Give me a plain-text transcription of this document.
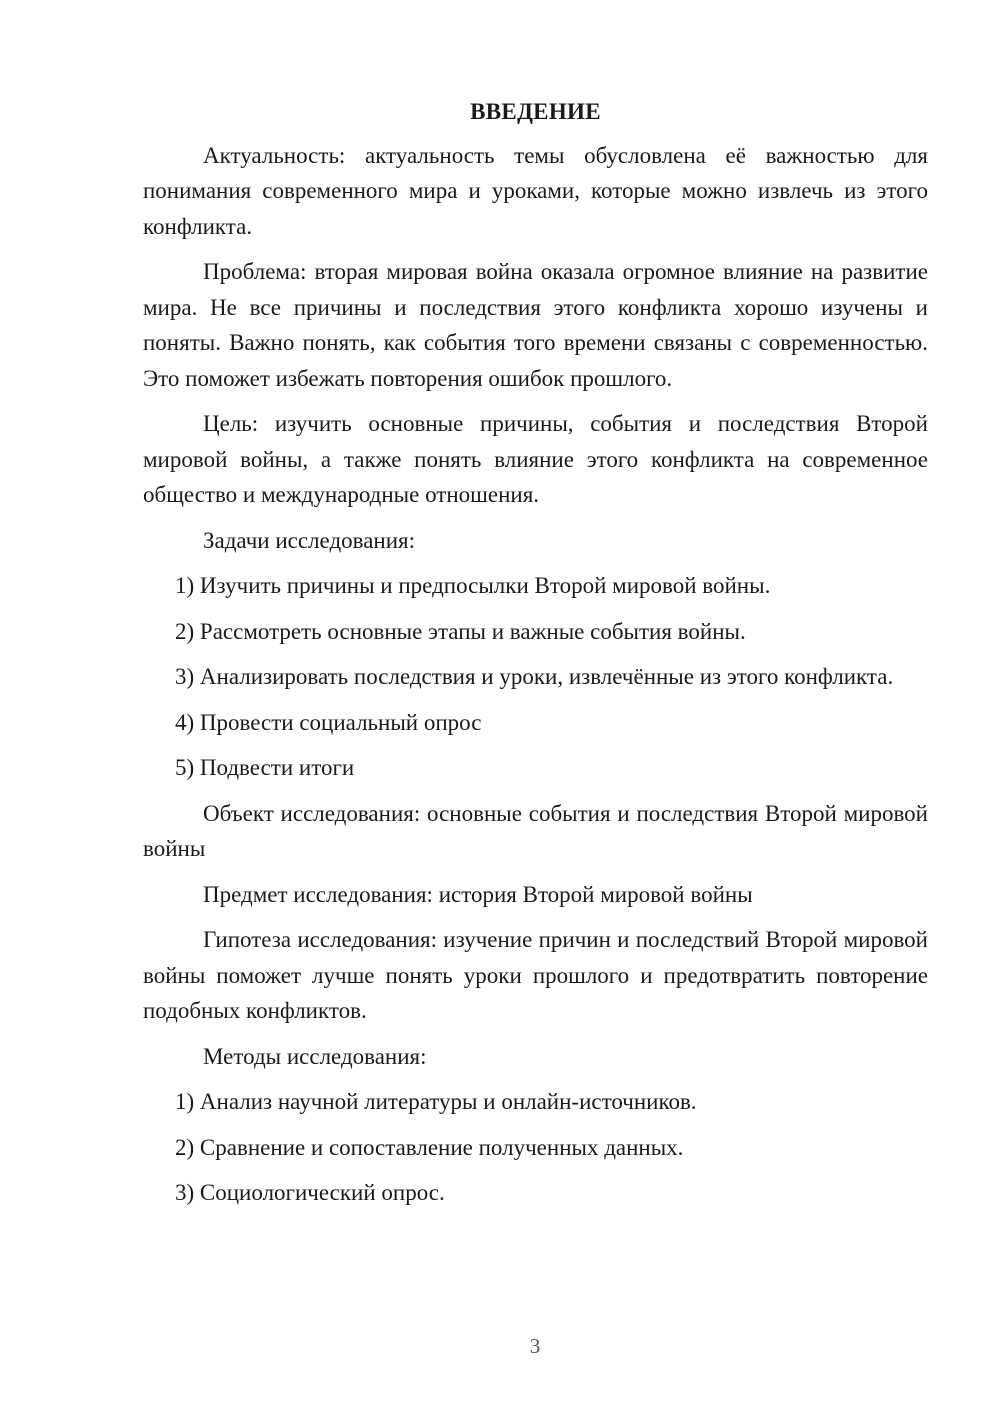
ВВЕДЕНИЕ

Актуальность: актуальность темы обусловлена её важностью для понимания современного мира и уроками, которые можно извлечь из этого конфликта.

Проблема: вторая мировая война оказала огромное влияние на развитие мира. Не все причины и последствия этого конфликта хорошо изучены и поняты. Важно понять, как события того времени связаны с современностью. Это поможет избежать повторения ошибок прошлого.

Цель: изучить основные причины, события и последствия Второй мировой войны, а также понять влияние этого конфликта на современное общество и международные отношения.

Задачи исследования:

1) Изучить причины и предпосылки Второй мировой войны.
2) Рассмотреть основные этапы и важные события войны.
3) Анализировать последствия и уроки, извлечённые из этого конфликта.
4) Провести социальный опрос
5) Подвести итоги

Объект исследования: основные события и последствия Второй мировой войны

Предмет исследования: история Второй мировой войны

Гипотеза исследования: изучение причин и последствий Второй мировой войны поможет лучше понять уроки прошлого и предотвратить повторение подобных конфликтов.

Методы исследования:

1) Анализ научной литературы и онлайн-источников.
2) Сравнение и сопоставление полученных данных.
3) Социологический опрос.
3
